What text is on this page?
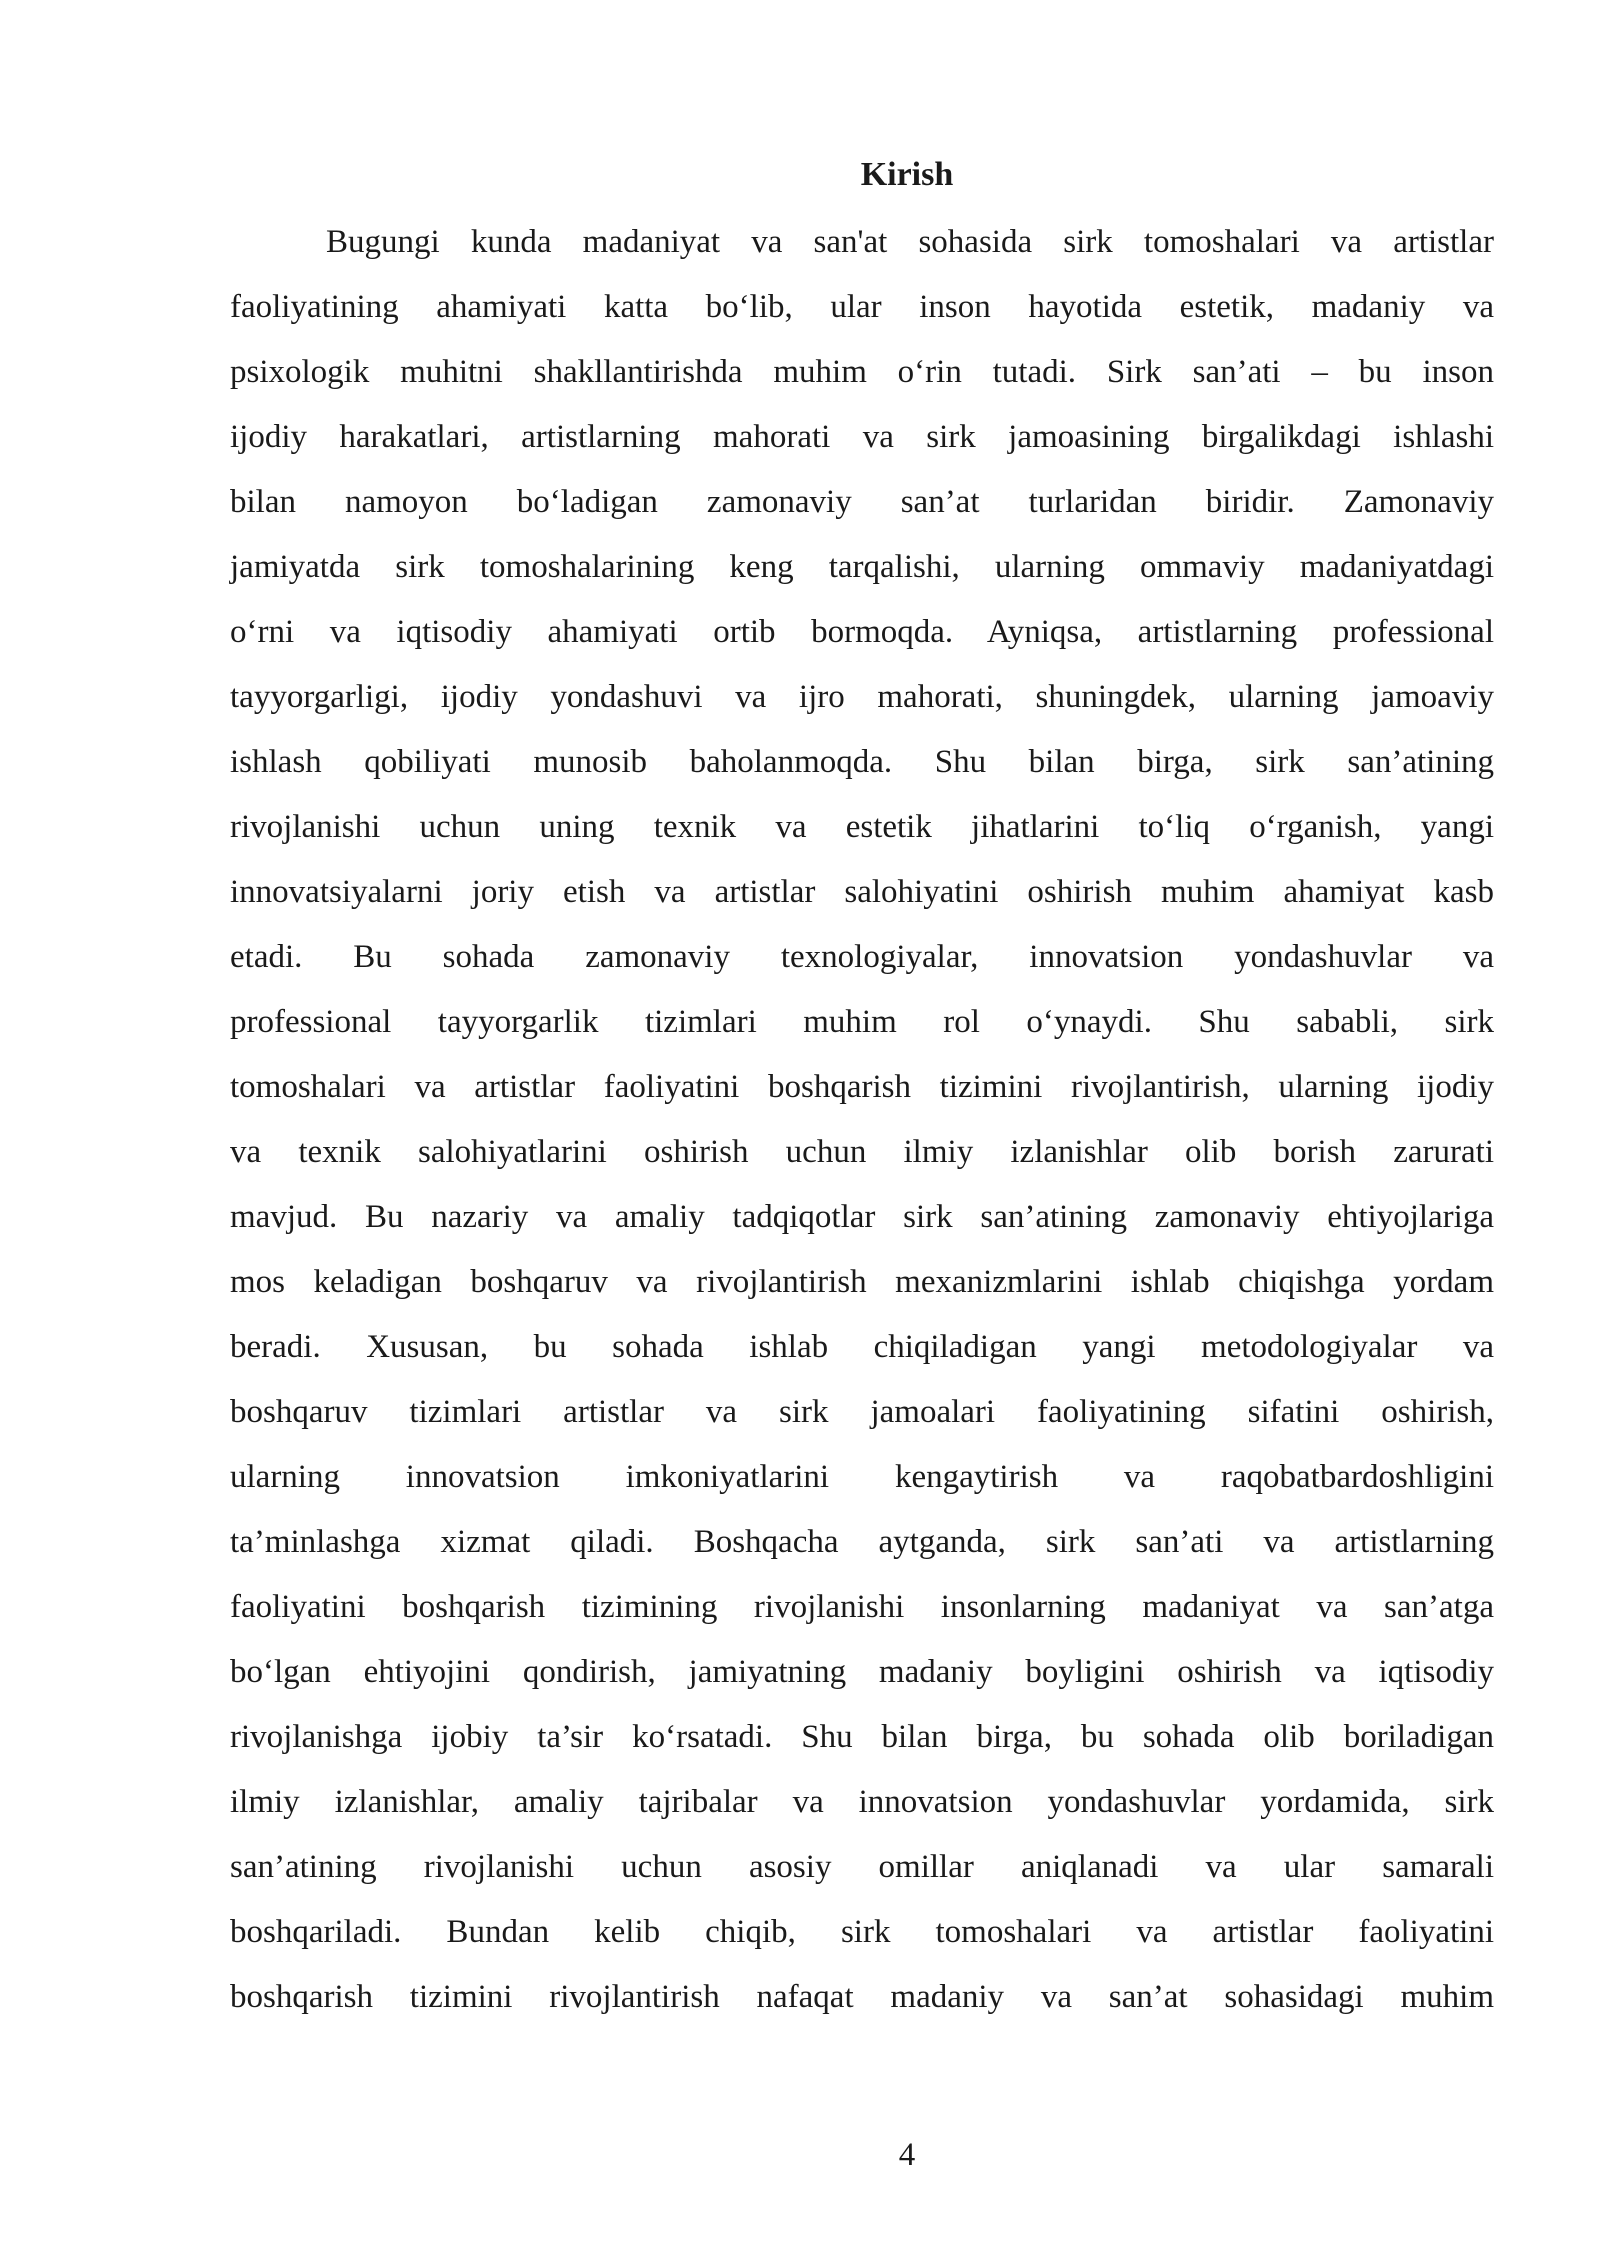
Kirish
Bugungi kunda madaniyat va san'at sohasida sirk tomoshalari va artistlar
faoliyatining ahamiyati katta bo‘lib, ular inson hayotida estetik, madaniy va
psixologik muhitni shakllantirishda muhim o‘rin tutadi. Sirk san’ati – bu inson
ijodiy harakatlari, artistlarning mahorati va sirk jamoasining birgalikdagi ishlashi
bilan namoyon bo‘ladigan zamonaviy san’at turlaridan biridir. Zamonaviy
jamiyatda sirk tomoshalarining keng tarqalishi, ularning ommaviy madaniyatdagi
o‘rni va iqtisodiy ahamiyati ortib bormoqda. Ayniqsa, artistlarning professional
tayyorgarligi, ijodiy yondashuvi va ijro mahorati, shuningdek, ularning jamoaviy
ishlash qobiliyati munosib baholanmoqda. Shu bilan birga, sirk san’atining
rivojlanishi uchun uning texnik va estetik jihatlarini to‘liq o‘rganish, yangi
innovatsiyalarni joriy etish va artistlar salohiyatini oshirish muhim ahamiyat kasb
etadi. Bu sohada zamonaviy texnologiyalar, innovatsion yondashuvlar va
professional tayyorgarlik tizimlari muhim rol o‘ynaydi. Shu sababli, sirk
tomoshalari va artistlar faoliyatini boshqarish tizimini rivojlantirish, ularning ijodiy
va texnik salohiyatlarini oshirish uchun ilmiy izlanishlar olib borish zarurati
mavjud. Bu nazariy va amaliy tadqiqotlar sirk san’atining zamonaviy ehtiyojlariga
mos keladigan boshqaruv va rivojlantirish mexanizmlarini ishlab chiqishga yordam
beradi. Xususan, bu sohada ishlab chiqiladigan yangi metodologiyalar va
boshqaruv tizimlari artistlar va sirk jamoalari faoliyatining sifatini oshirish,
ularning innovatsion imkoniyatlarini kengaytirish va raqobatbardoshligini
ta’minlashga xizmat qiladi. Boshqacha aytganda, sirk san’ati va artistlarning
faoliyatini boshqarish tizimining rivojlanishi insonlarning madaniyat va san’atga
bo‘lgan ehtiyojini qondirish, jamiyatning madaniy boyligini oshirish va iqtisodiy
rivojlanishga ijobiy ta’sir ko‘rsatadi. Shu bilan birga, bu sohada olib boriladigan
ilmiy izlanishlar, amaliy tajribalar va innovatsion yondashuvlar yordamida, sirk
san’atining rivojlanishi uchun asosiy omillar aniqlanadi va ular samarali
boshqariladi. Bundan kelib chiqib, sirk tomoshalari va artistlar faoliyatini
boshqarish tizimini rivojlantirish nafaqat madaniy va san’at sohasidagi muhim
4
